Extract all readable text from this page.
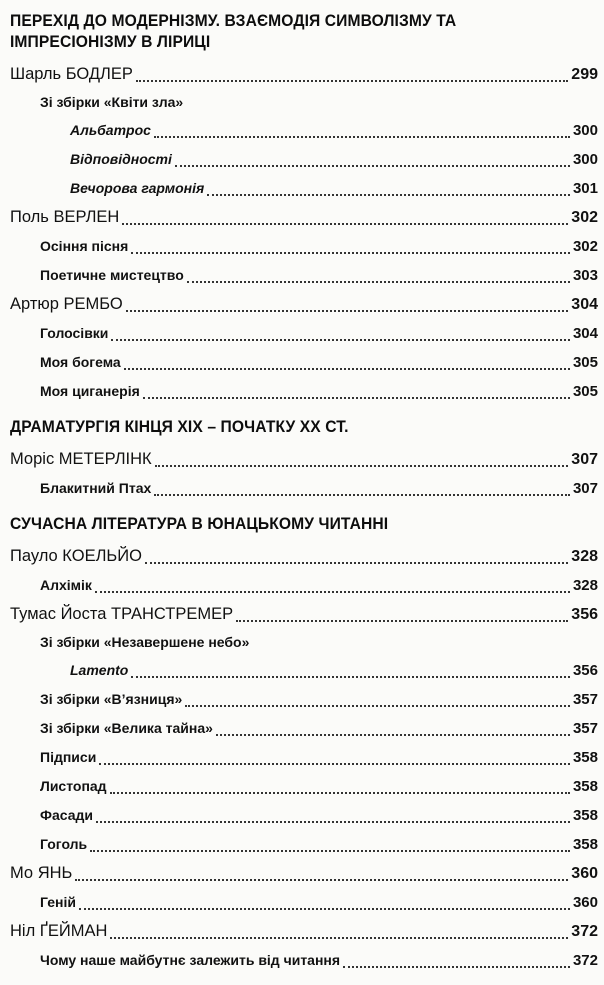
ПЕРЕХІД ДО МОДЕРНІЗМУ. ВЗАЄМОДІЯ СИМВОЛІЗМУ ТА ІМПРЕСІОНІЗМУ В ЛІРИЦІ
Шарль БОДЛЕР	299
Зі збірки «Квіти зла»
Альбатрос	300
Відповідності	300
Вечорова гармонія	301
Поль ВЕРЛЕН	302
Осіння пісня	302
Поетичне мистецтво	303
Артюр РЕМБО	304
Голосівки	304
Моя богема	305
Моя циганерія	305
ДРАМАТУРГІЯ КІНЦЯ XIX – ПОЧАТКУ XX СТ.
Моріс МЕТЕРЛІНК	307
Блакитний Птах	307
СУЧАСНА ЛІТЕРАТУРА В ЮНАЦЬКОМУ ЧИТАННІ
Пауло КОЕЛЬЙО	328
Алхімік	328
Тумас Йоста ТРАНСТРЕМЕР	356
Зі збірки «Незавершене небо»
Lamento	356
Зі збірки «В’язниця»	357
Зі збірки «Велика тайна»	357
Підписи	358
Листопад	358
Фасади	358
Гоголь	358
Мо ЯНЬ	360
Геній	360
Ніл ҐЕЙМАН	372
Чому наше майбутнє залежить від читання	372
